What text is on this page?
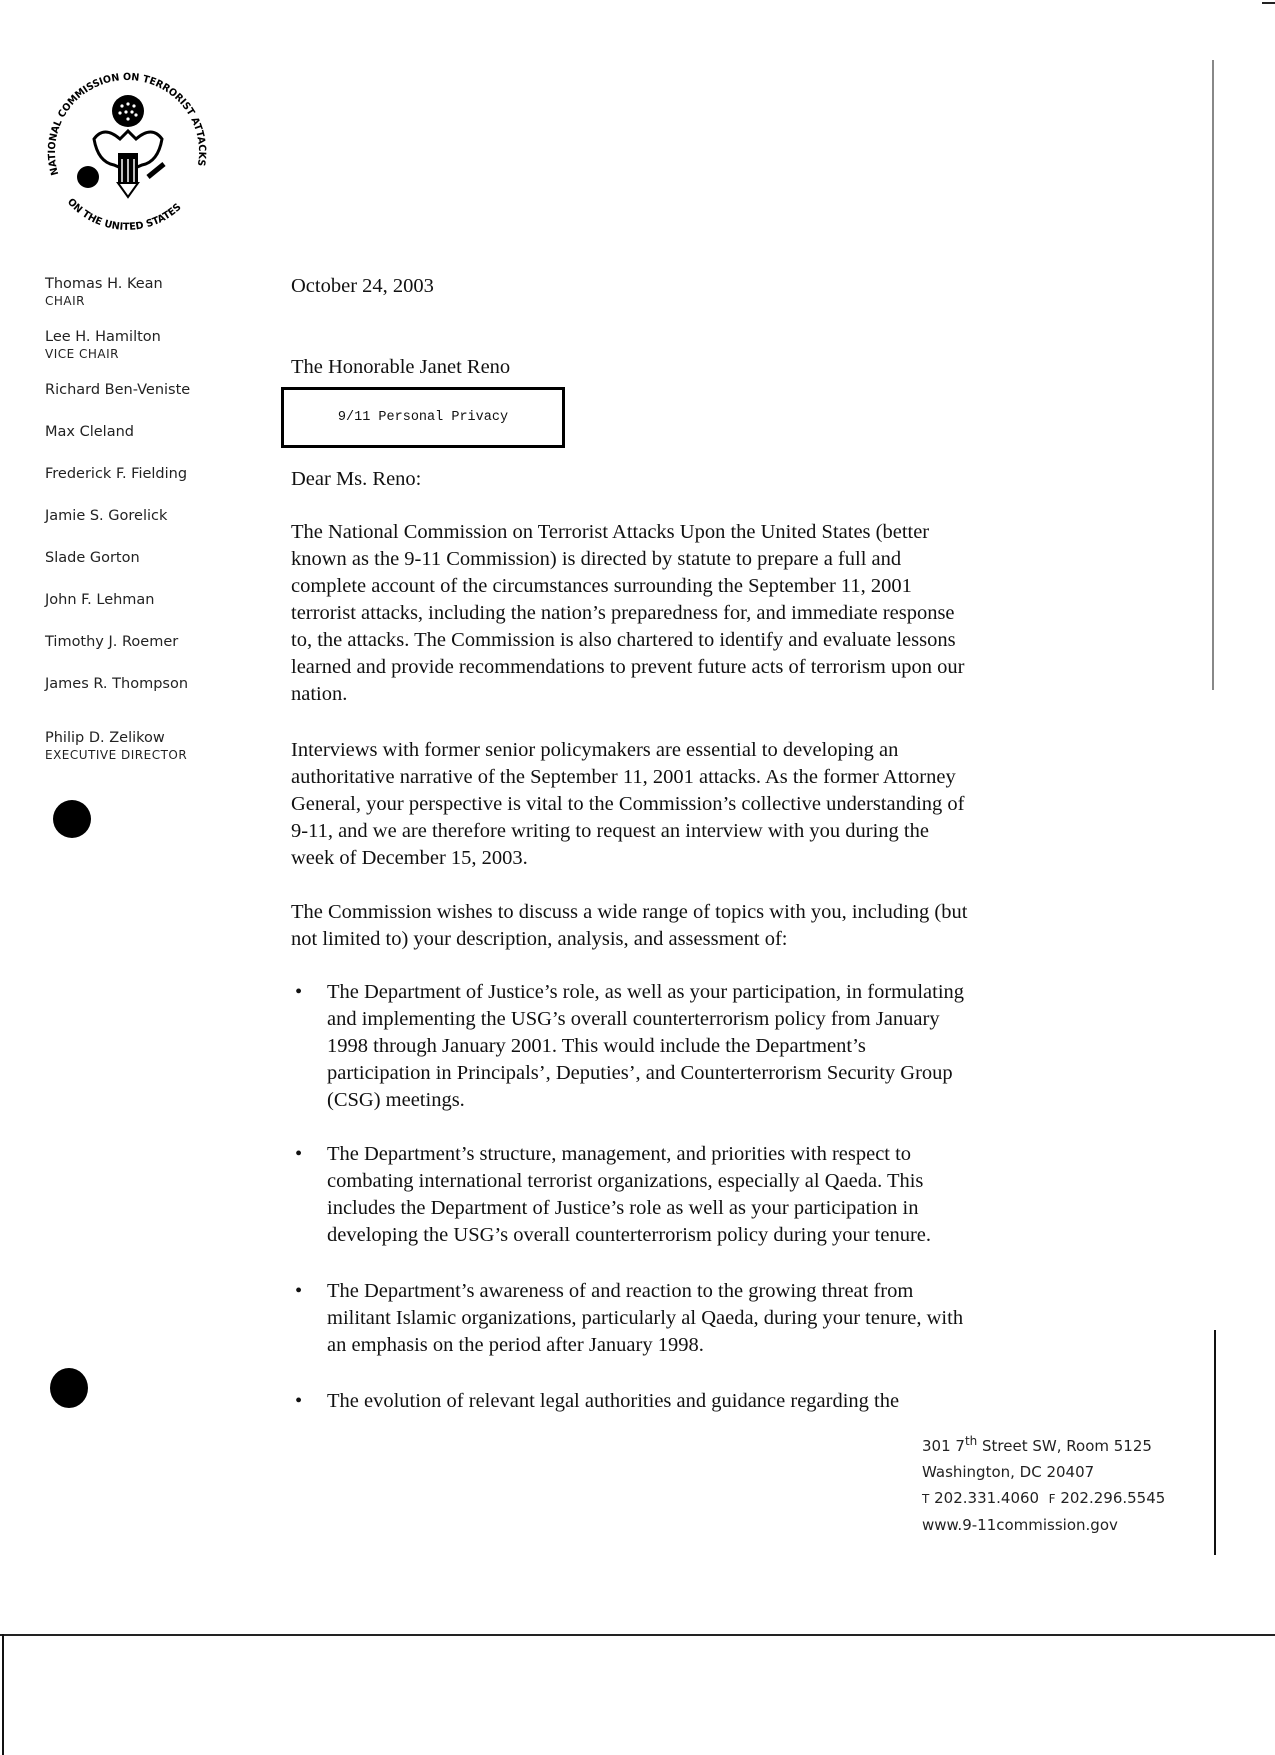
NATIONAL COMMISSION ON TERRORIST ATTACKS
ON THE UNITED STATES
Thomas H. Kean
CHAIR
Lee H. Hamilton
VICE CHAIR
Richard Ben-Veniste
Max Cleland
Frederick F. Fielding
Jamie S. Gorelick
Slade Gorton
John F. Lehman
Timothy J. Roemer
James R. Thompson
Philip D. Zelikow
EXECUTIVE DIRECTOR
October 24, 2003
The Honorable Janet Reno
9/11 Personal Privacy
Dear Ms. Reno:
The National Commission on Terrorist Attacks Upon the United States (better
known as the 9-11 Commission) is directed by statute to prepare a full and
complete account of the circumstances surrounding the September 11, 2001
terrorist attacks, including the nation’s preparedness for, and immediate response
to, the attacks. The Commission is also chartered to identify and evaluate lessons
learned and provide recommendations to prevent future acts of terrorism upon our
nation.
Interviews with former senior policymakers are essential to developing an
authoritative narrative of the September 11, 2001 attacks. As the former Attorney
General, your perspective is vital to the Commission’s collective understanding of
9-11, and we are therefore writing to request an interview with you during the
week of December 15, 2003.
The Commission wishes to discuss a wide range of topics with you, including (but
not limited to) your description, analysis, and assessment of:
• The Department of Justice’s role, as well as your participation, in formulating
and implementing the USG’s overall counterterrorism policy from January
1998 through January 2001. This would include the Department’s
participation in Principals’, Deputies’, and Counterterrorism Security Group
(CSG) meetings.
• The Department’s structure, management, and priorities with respect to
combating international terrorist organizations, especially al Qaeda. This
includes the Department of Justice’s role as well as your participation in
developing the USG’s overall counterterrorism policy during your tenure.
• The Department’s awareness of and reaction to the growing threat from
militant Islamic organizations, particularly al Qaeda, during your tenure, with
an emphasis on the period after January 1998.
• The evolution of relevant legal authorities and guidance regarding the
301 7th Street SW, Room 5125
Washington, DC 20407
T 202.331.4060 F 202.296.5545
www.9-11commission.gov
